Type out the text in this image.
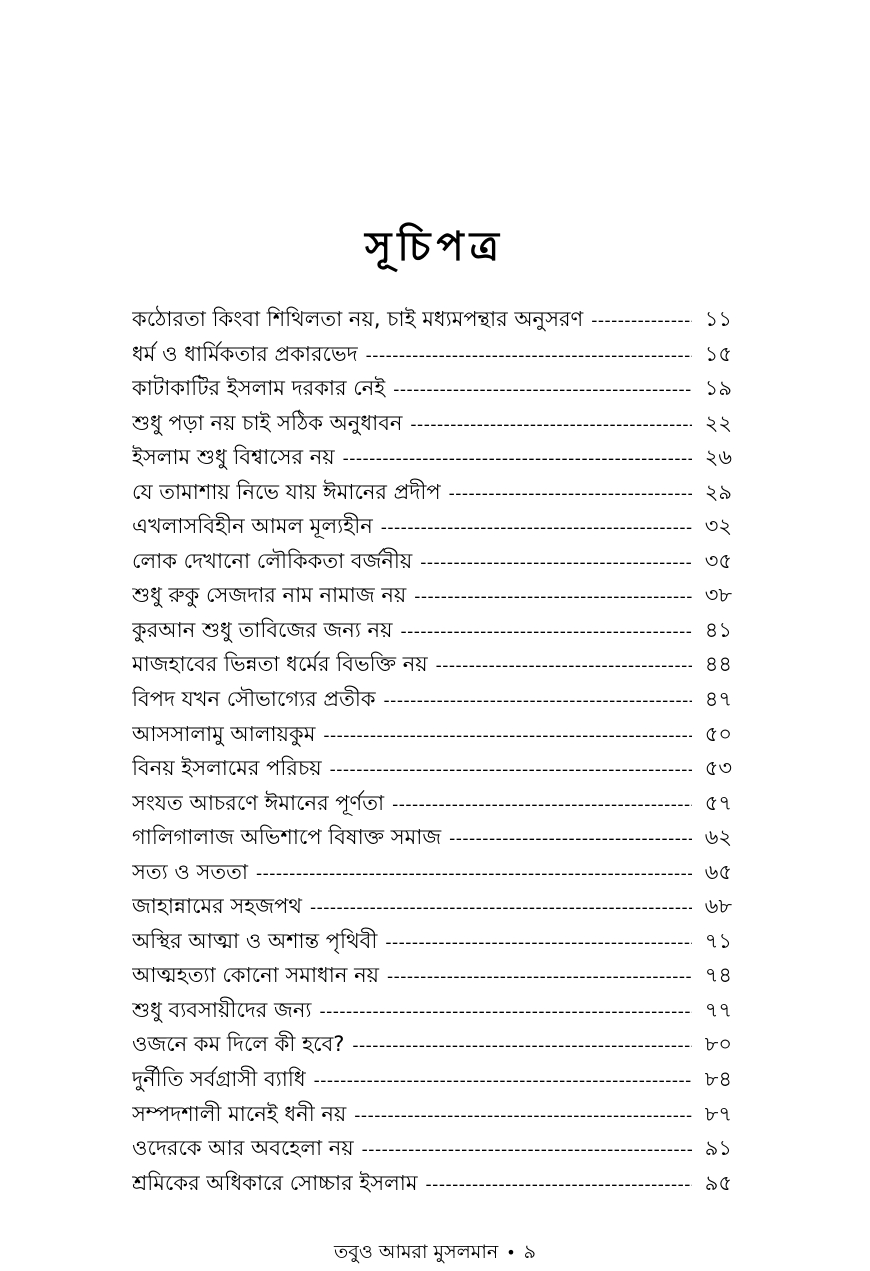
সূচিপত্র
কঠোরতা কিংবা শিথিলতা নয়, চাই মধ্যমপন্থার অনুসরণ -----	১১
ধর্ম ও ধার্মিকতার প্রকারভেদ -----	১৫
কাটাকাটির ইসলাম দরকার নেই -----	১৯
শুধু পড়া নয় চাই সঠিক অনুধাবন -----	২২
ইসলাম শুধু বিশ্বাসের নয় -----	২৬
যে তামাশায় নিভে যায় ঈমানের প্রদীপ -----	২৯
এখলাসবিহীন আমল মূল্যহীন -----	৩২
লোক দেখানো লৌকিকতা বর্জনীয় -----	৩৫
শুধু রুকু সেজদার নাম নামাজ নয় -----	৩৮
কুরআন শুধু তাবিজের জন্য নয় -----	৪১
মাজহাবের ভিন্নতা ধর্মের বিভক্তি নয় -----	৪৪
বিপদ যখন সৌভাগ্যের প্রতীক -----	৪৭
আসসালামু আলায়কুম -----	৫০
বিনয় ইসলামের পরিচয় -----	৫৩
সংযত আচরণে ঈমানের পূর্ণতা -----	৫৭
গালিগালাজ অভিশাপে বিষাক্ত সমাজ -----	৬২
সত্য ও সততা -----	৬৫
জাহান্নামের সহজপথ -----	৬৮
অস্থির আত্মা ও অশান্ত পৃথিবী -----	৭১
আত্মহত্যা কোনো সমাধান নয় -----	৭৪
শুধু ব্যবসায়ীদের জন্য -----	৭৭
ওজনে কম দিলে কী হবে? -----	৮০
দুর্নীতি সর্বগ্রাসী ব্যাধি -----	৮৪
সম্পদশালী মানেই ধনী নয় -----	৮৭
ওদেরকে আর অবহেলা নয় -----	৯১
শ্রমিকের অধিকারে সোচ্চার ইসলাম -----	৯৫
তবুও আমরা মুসলমান • ৯
